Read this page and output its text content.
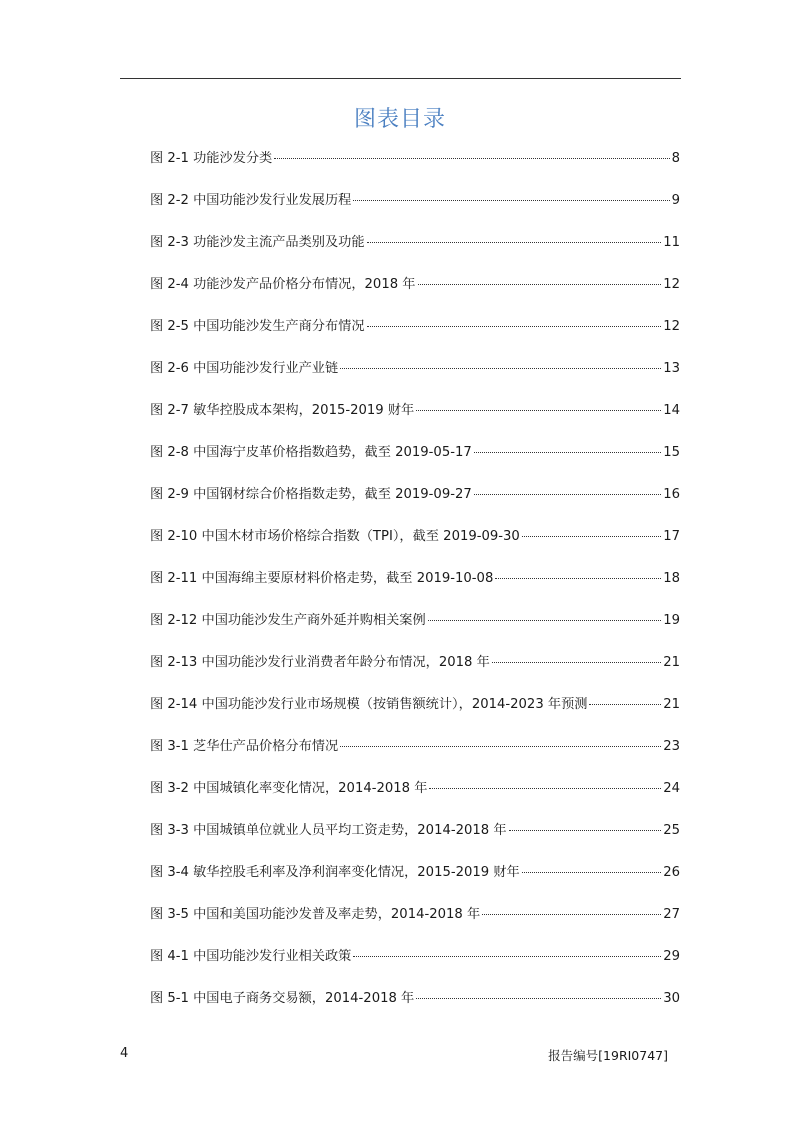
图表目录
图 2-1 功能沙发分类	8
图 2-2 中国功能沙发行业发展历程	9
图 2-3 功能沙发主流产品类别及功能	11
图 2-4 功能沙发产品价格分布情况，2018 年	12
图 2-5 中国功能沙发生产商分布情况	12
图 2-6 中国功能沙发行业产业链	13
图 2-7 敏华控股成本架构，2015-2019 财年	14
图 2-8 中国海宁皮革价格指数趋势，截至 2019-05-17	15
图 2-9 中国钢材综合价格指数走势，截至 2019-09-27	16
图 2-10 中国木材市场价格综合指数（TPI），截至 2019-09-30	17
图 2-11 中国海绵主要原材料价格走势，截至 2019-10-08	18
图 2-12 中国功能沙发生产商外延并购相关案例	19
图 2-13 中国功能沙发行业消费者年龄分布情况，2018 年	21
图 2-14 中国功能沙发行业市场规模（按销售额统计），2014-2023 年预测	21
图 3-1 芝华仕产品价格分布情况	23
图 3-2 中国城镇化率变化情况，2014-2018 年	24
图 3-3 中国城镇单位就业人员平均工资走势，2014-2018 年	25
图 3-4 敏华控股毛利率及净利润率变化情况，2015-2019 财年	26
图 3-5 中国和美国功能沙发普及率走势，2014-2018 年	27
图 4-1 中国功能沙发行业相关政策	29
图 5-1 中国电子商务交易额，2014-2018 年	30
4	报告编号[19RI0747]
